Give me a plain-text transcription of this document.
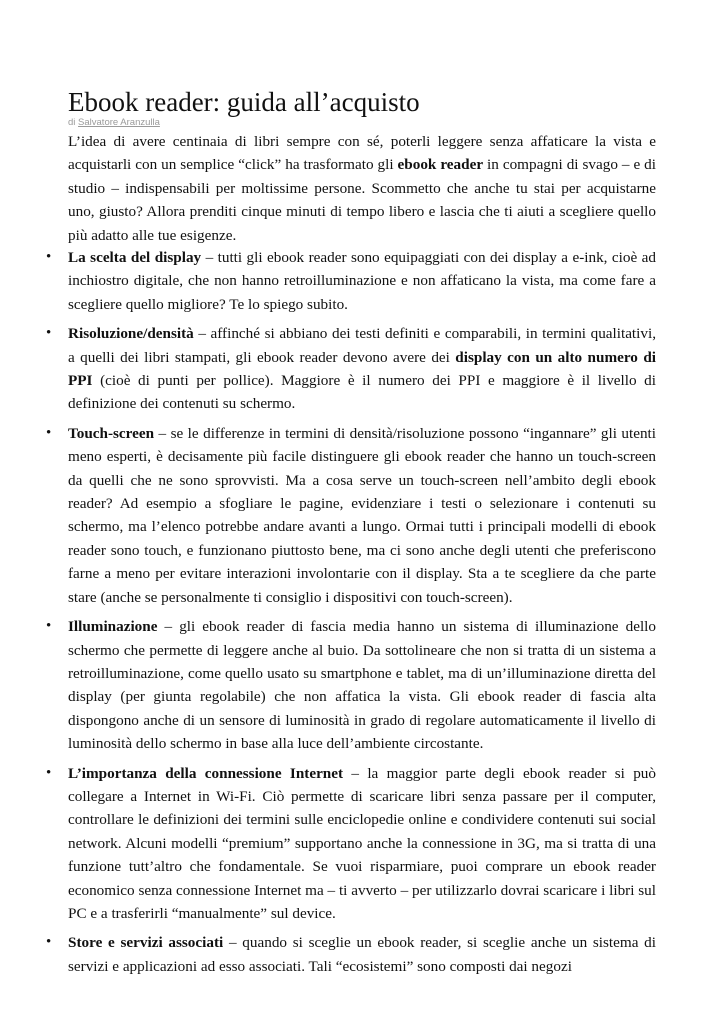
Ebook reader: guida all’acquisto
di Salvatore Aranzulla

L’idea di avere centinaia di libri sempre con sé, poterli leggere senza affaticare la vista e acquistarli con un semplice “click” ha trasformato gli ebook reader in compagni di svago – e di studio – indispensabili per moltissime persone. Scommetto che anche tu stai per acquistarne uno, giusto? Allora prenditi cinque minuti di tempo libero e lascia che ti aiuti a scegliere quello più adatto alle tue esigenze.

• La scelta del display – tutti gli ebook reader sono equipaggiati con dei display a e-ink, cioè ad inchiostro digitale, che non hanno retroilluminazione e non affaticano la vista, ma come fare a scegliere quello migliore? Te lo spiego subito.
• Risoluzione/densità – affinché si abbiano dei testi definiti e comparabili, in termini qualitativi, a quelli dei libri stampati, gli ebook reader devono avere dei display con un alto numero di PPI (cioè di punti per pollice). Maggiore è il numero dei PPI e maggiore è il livello di definizione dei contenuti su schermo.
• Touch-screen – se le differenze in termini di densità/risoluzione possono “ingannare” gli utenti meno esperti, è decisamente più facile distinguere gli ebook reader che hanno un touch-screen da quelli che ne sono sprovvisti. Ma a cosa serve un touch-screen nell’ambito degli ebook reader? Ad esempio a sfogliare le pagine, evidenziare i testi o selezionare i contenuti su schermo, ma l’elenco potrebbe andare avanti a lungo. Ormai tutti i principali modelli di ebook reader sono touch, e funzionano piuttosto bene, ma ci sono anche degli utenti che preferiscono farne a meno per evitare interazioni involontarie con il display. Sta a te scegliere da che parte stare (anche se personalmente ti consiglio i dispositivi con touch-screen).
• Illuminazione – gli ebook reader di fascia media hanno un sistema di illuminazione dello schermo che permette di leggere anche al buio. Da sottolineare che non si tratta di un sistema a retroilluminazione, come quello usato su smartphone e tablet, ma di un’illuminazione diretta del display (per giunta regolabile) che non affatica la vista. Gli ebook reader di fascia alta dispongono anche di un sensore di luminosità in grado di regolare automaticamente il livello di luminosità dello schermo in base alla luce dell’ambiente circostante.
• L’importanza della connessione Internet – la maggior parte degli ebook reader si può collegare a Internet in Wi-Fi. Ciò permette di scaricare libri senza passare per il computer, controllare le definizioni dei termini sulle enciclopedie online e condividere contenuti sui social network. Alcuni modelli “premium” supportano anche la connessione in 3G, ma si tratta di una funzione tutt’altro che fondamentale. Se vuoi risparmiare, puoi comprare un ebook reader economico senza connessione Internet ma – ti avverto – per utilizzarlo dovrai scaricare i libri sul PC e a trasferirli “manualmente” sul device.
• Store e servizi associati – quando si sceglie un ebook reader, si sceglie anche un sistema di servizi e applicazioni ad esso associati. Tali “ecosistemi” sono composti dai negozi
